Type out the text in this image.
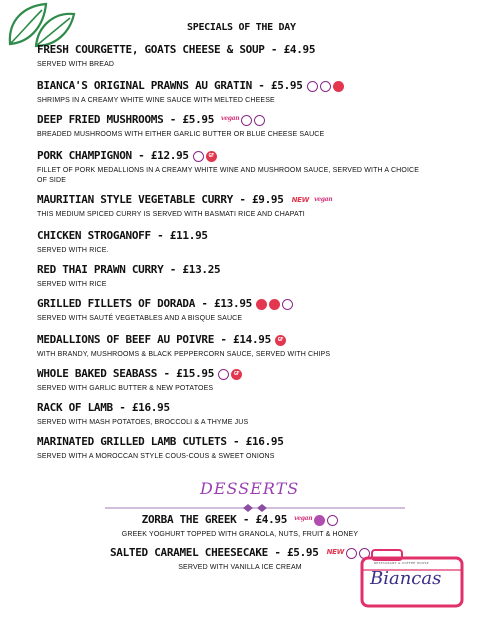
SPECIALS OF THE DAY
FRESH COURGETTE, GOATS CHEESE & SOUP - £4.95
SERVED WITH BREAD
BIANCA'S ORIGINAL PRAWNS AU GRATIN - £5.95
SHRIMPS IN A CREAMY WHITE WINE SAUCE WITH MELTED CHEESE
DEEP FRIED MUSHROOMS - £5.95 vegan
BREADED MUSHROOMS WITH EITHER GARLIC BUTTER OR BLUE CHEESE SAUCE
PORK CHAMPIGNON - £12.95	GF
FILLET OF PORK MEDALLIONS IN A CREAMY WHITE WINE AND MUSHROOM SAUCE, SERVED WITH A CHOICE OF SIDE
MAURITIAN STYLE VEGETABLE CURRY - £9.95 NEW vegan
THIS MEDIUM SPICED CURRY IS SERVED WITH BASMATI RICE AND CHAPATI
CHICKEN STROGANOFF - £11.95
SERVED WITH RICE.
RED THAI PRAWN CURRY - £13.25
SERVED WITH RICE
GRILLED FILLETS OF DORADA - £13.95
SERVED WITH SAUTÉ VEGETABLES AND A BISQUE SAUCE
MEDALLIONS OF BEEF AU POIVRE - £14.95	GF
WITH BRANDY, MUSHROOMS & BLACK PEPPERCORN SAUCE, SERVED WITH CHIPS
WHOLE BAKED SEABASS - £15.95	GF
SERVED WITH GARLIC BUTTER & NEW POTATOES
RACK OF LAMB - £16.95
SERVED WITH MASH POTATOES, BROCCOLI & A THYME JUS
MARINATED GRILLED LAMB CUTLETS - £16.95
SERVED WITH A MOROCCAN STYLE COUS-COUS & SWEET ONIONS
DESSERTS
ZORBA THE GREEK - £4.95 vegan
GREEK YOGHURT TOPPED WITH GRANOLA, NUTS, FRUIT & HONEY
SALTED CARAMEL CHEESECAKE - £5.95 NEW
SERVED WITH VANILLA ICE CREAM
Biancas
RESTAURANT & COFFEE HOUSE
